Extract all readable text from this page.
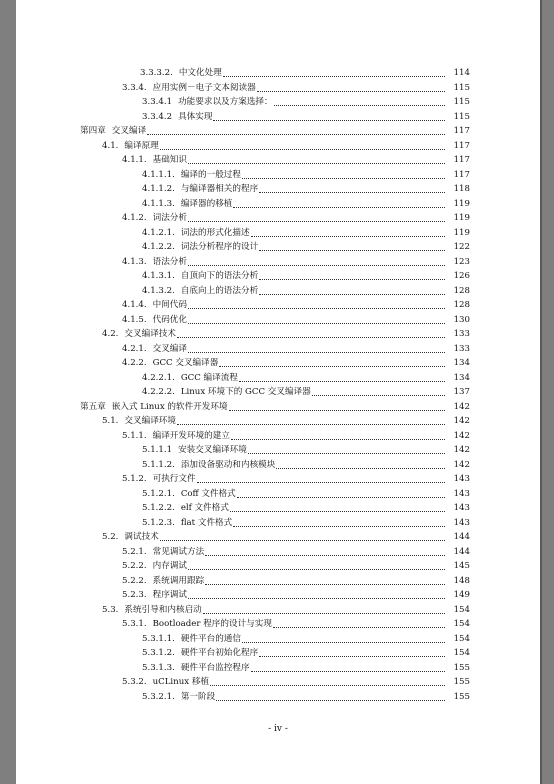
3.3.3.2. 中文化处理	114
3.3.4. 应用实例－电子文本阅读器	115
3.3.4.1 功能要求以及方案选择：	115
3.3.4.2 具体实现	115
第四章 交叉编译	117
4.1. 编译原理	117
4.1.1. 基础知识	117
4.1.1.1. 编译的一般过程	117
4.1.1.2. 与编译器相关的程序	118
4.1.1.3. 编译器的移植	119
4.1.2. 词法分析	119
4.1.2.1. 词法的形式化描述	119
4.1.2.2. 词法分析程序的设计	122
4.1.3. 语法分析	123
4.1.3.1. 自顶向下的语法分析	126
4.1.3.2. 自底向上的语法分析	128
4.1.4. 中间代码	128
4.1.5. 代码优化	130
4.2. 交叉编译技术	133
4.2.1. 交叉编译	133
4.2.2. GCC 交叉编译器	134
4.2.2.1. GCC 编译流程	134
4.2.2.2. Linux 环境下的 GCC 交叉编译器	137
第五章 嵌入式 Linux 的软件开发环境	142
5.1. 交叉编译环境	142
5.1.1. 编译开发环境的建立	142
5.1.1.1 安装交叉编译环境	142
5.1.1.2. 添加设备驱动和内核模块	142
5.1.2. 可执行文件	143
5.1.2.1. Coff 文件格式	143
5.1.2.2. elf 文件格式	143
5.1.2.3. flat 文件格式	143
5.2. 调试技术	144
5.2.1. 常见调试方法	144
5.2.2. 内存调试	145
5.2.2. 系统调用跟踪	148
5.2.3. 程序调试	149
5.3. 系统引导和内核启动	154
5.3.1. Bootloader 程序的设计与实现	154
5.3.1.1. 硬件平台的通信	154
5.3.1.2. 硬件平台初始化程序	154
5.3.1.3. 硬件平台监控程序	155
5.3.2. uCLinux 移植	155
5.3.2.1. 第一阶段	155
- iv -
